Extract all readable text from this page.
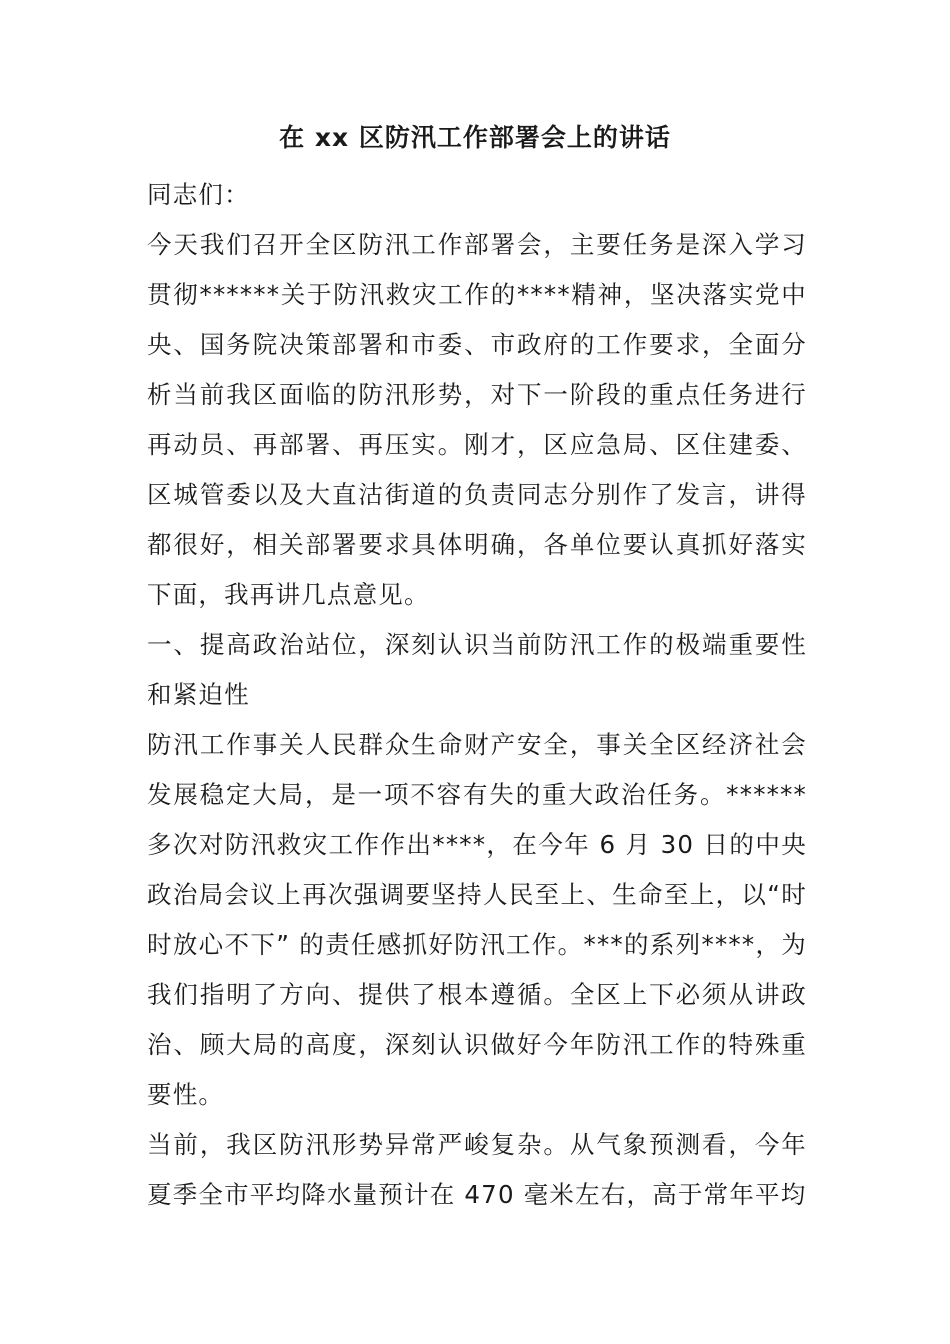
在 xx 区防汛工作部署会上的讲话

同志们：

今天我们召开全区防汛工作部署会，主要任务是深入学习贯彻******关于防汛救灾工作的****精神，坚决落实党中央、国务院决策部署和市委、市政府的工作要求，全面分析当前我区面临的防汛形势，对下一阶段的重点任务进行再动员、再部署、再压实。刚才，区应急局、区住建委、区城管委以及大直沽街道的负责同志分别作了发言，讲得都很好，相关部署要求具体明确，各单位要认真抓好落实下面，我再讲几点意见。

一、提高政治站位，深刻认识当前防汛工作的极端重要性和紧迫性

防汛工作事关人民群众生命财产安全，事关全区经济社会发展稳定大局，是一项不容有失的重大政治任务。******多次对防汛救灾工作作出****，在今年 6 月 30 日的中央政治局会议上再次强调要坚持人民至上、生命至上，以“时时放心不下” 的责任感抓好防汛工作。***的系列****，为我们指明了方向、提供了根本遵循。全区上下必须从讲政治、顾大局的高度，深刻认识做好今年防汛工作的特殊重要性。

当前，我区防汛形势异常严峻复杂。从气象预测看，今年夏季全市平均降水量预计在 470 毫米左右，高于常年平均
